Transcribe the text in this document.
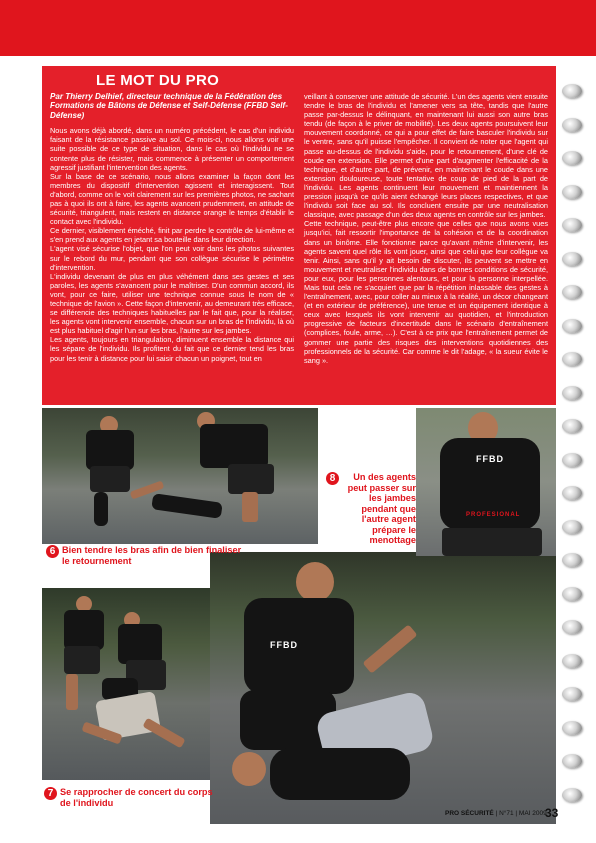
LE MOT DU PRO

Par Thierry Delhief, directeur technique de la Fédération des Formations de Bâtons de Défense et Self-Défense (FFBD Self-Défense)

Nous avons déjà abordé, dans un numéro précédent, le cas d'un individu faisant de la résistance passive au sol. Ce mois-ci, nous allons voir une suite possible de ce type de situation, dans le cas où l'individu ne se contente plus de résister, mais commence à présenter un comportement agressif justifiant l'intervention des agents.

Sur la base de ce scénario, nous allons examiner la façon dont les membres du dispositif d'intervention agissent et interagissent. Tout d'abord, comme on le voit clairement sur les premières photos, ne sachant pas à quoi ils ont à faire, les agents avancent prudemment, en attitude de sécurité, triangulent, mais restent en distance orange le temps d'établir le contact avec l'individu.

Ce dernier, visiblement éméché, finit par perdre le contrôle de lui-même et s'en prend aux agents en jetant sa bouteille dans leur direction.

L'agent visé sécurise l'objet, que l'on peut voir dans les photos suivantes sur le rebord du mur, pendant que son collègue sécurise le périmètre d'intervention.

L'individu devenant de plus en plus véhément dans ses gestes et ses paroles, les agents s'avancent pour le maîtriser. D'un commun accord, ils vont, pour ce faire, utiliser une technique connue sous le nom de « technique de l'avion ». Cette façon d'intervenir, au demeurant très efficace, se différencie des techniques habituelles par le fait que, pour la réaliser, les agents vont intervenir ensemble, chacun sur un bras de l'individu, là où est plus habituel d'agir l'un sur les bras, l'autre sur les jambes.

Les agents, toujours en triangulation, diminuent ensemble la distance qui les sépare de l'individu. Ils profitent du fait que ce dernier tend les bras pour les tenir à distance pour lui saisir chacun un poignet, tout en

veillant à conserver une attitude de sécurité. L'un des agents vient ensuite tendre le bras de l'individu et l'amener vers sa tête, tandis que l'autre passe par-dessus le délinquant, en maintenant lui aussi son autre bras tendu (de façon à le priver de mobilité). Les deux agents poursuivent leur mouvement coordonné, ce qui a pour effet de faire basculer l'individu sur le ventre, sans qu'il puisse l'empêcher. Il convient de noter que l'agent qui passe au-dessus de l'individu s'aide, pour le retournement, d'une clé de coude en extension. Elle permet d'une part d'augmenter l'efficacité de la technique, et d'autre part, de prévenir, en maintenant le coude dans une extension douloureuse, toute tentative de coup de pied de la part de l'individu. Les agents continuent leur mouvement et maintiennent la pression jusqu'à ce qu'ils aient échangé leurs places respectives, et que l'individu soit face au sol. Ils concluent ensuite par une neutralisation classique, avec passage d'un des deux agents en contrôle sur les jambes.

Cette technique, peut-être plus encore que celles que nous avons vues jusqu'ici, fait ressortir l'importance de la cohésion et de la coordination dans un binôme. Elle fonctionne parce qu'avant même d'intervenir, les agents savent quel rôle ils vont jouer, ainsi que celui que leur collègue va tenir. Ainsi, sans qu'il y ait besoin de discuter, ils peuvent se mettre en mouvement et neutraliser l'individu dans de bonnes conditions de sécurité, pour eux, pour les personnes alentours, et pour la personne interpellée. Mais tout cela ne s'acquiert que par la répétition inlassable des gestes à l'entraînement, avec, pour coller au mieux à la réalité, un décor changeant (et en extérieur de préférence), une tenue et un équipement identique à ceux avec lesquels ils vont intervenir au quotidien, et l'introduction progressive de facteurs d'incertitude dans le scénario d'entraînement (complices, foule, arme, …). C'est à ce prix que l'entraînement permet de gommer une partie des risques des interventions quotidiennes des professionnels de la sécurité. Car comme le dit l'adage, « la sueur évite le sang ».

FFBD
FFBD
PROFESIONAL
6 Bien tendre les bras afin de bien finaliser le retournement
7 Se rapprocher de concert du corps de l'individu
8	Un des agents peut passer sur les jambes pendant que l'autre agent prépare le menottage
PRO SÉCURITÉ | N°71 | MAI 2009
33
